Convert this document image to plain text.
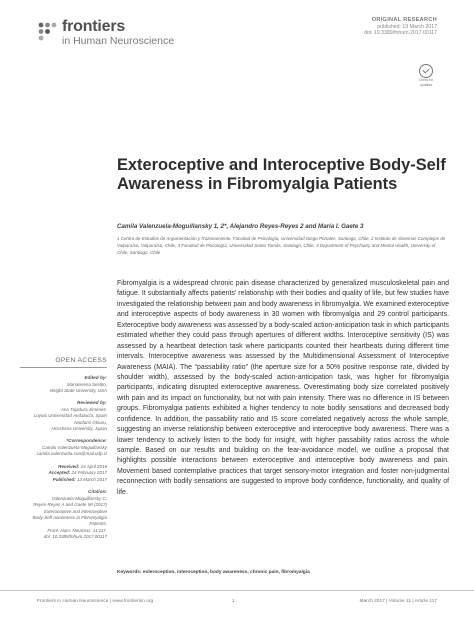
frontiers
in Human Neuroscience
ORIGINAL RESEARCH
published: 13 March 2017
doi: 10.3389/fnhum.2017.00117
Check for
updates
Exteroceptive and Interoceptive Body-Self Awareness in Fibromyalgia Patients
Camila Valenzuela-Moguillansky 1, 2*, Alejandro Reyes-Reyes 2 and María I. Gaete 3
1 Centro de Estudios de Argumentación y Razonamiento, Facultad de Psicología, Universidad Diego Portales, Santiago, Chile, 2 Instituto de Sistemas Complejos de Valparaíso, Valparaíso, Chile, 3 Facultad de Psicología, Universidad Santo Tomás, Santiago, Chile, 3 Department of Psychiatry and Mental Health, University of Chile, Santiago, Chile

Fibromyalgia is a widespread chronic pain disease characterized by generalized musculoskeletal pain and fatigue. It substantially affects patients’ relationship with their bodies and quality of life, but few studies have investigated the relationship between pain and body awareness in fibromyalgia. We examined exteroceptive and interoceptive aspects of body awareness in 30 women with fibromyalgia and 29 control participants. Exteroceptive body awareness was assessed by a body-scaled action-anticipation task in which participants estimated whether they could pass through apertures of different widths. Interoceptive sensitivity (IS) was assessed by a heartbeat detection task where participants counted their heartbeats during different time intervals. Interoceptive awareness was assessed by the Multidimensional Assessment of Interoceptive Awareness (MAIA). The “passability ratio” (the aperture size for a 50% positive response rate, divided by shoulder width), assessed by the body-scaled action-anticipation task, was higher for fibromyalgia participants, indicating disrupted exteroceptive awareness. Overestimating body size correlated positively with pain and its impact on functionality, but not with pain intensity. There was no difference in IS between groups. Fibromyalgia patients exhibited a higher tendency to note bodily sensations and decreased body confidence. In addition, the passability ratio and IS score correlated negatively across the whole sample, suggesting an inverse relationship between exteroceptive and interoceptive body awareness. There was a lower tendency to actively listen to the body for insight, with higher passability ratios across the whole sample. Based on our results and building on the fear-avoidance model, we outline a proposal that highlights possible interactions between exteroceptive and interoceptive body awareness and pain. Movement based contemplative practices that target sensory-motor integration and foster non-judgmental reconnection with bodily sensations are suggested to improve body confidence, functionality, and quality of life.

Keywords: exteroception, interoception, body awareness, chronic pain, fibromyalgia
OPEN ACCESS
Edited by:
Mariateresa Sestito,
Wright State University, USA
Reviewed by:
Ana Tajadura-Jiménez,
Loyola Universidad Andalucía, Spain
Naofumi Otsuru,
Hiroshima University, Japan
*Correspondence:
Camila Valenzuela-Moguillansky
camila.valenzuela.cea@mail.udp.cl
Received: 14 April 2016
Accepted: 24 February 2017
Published: 13 March 2017
Citation:
Valenzuela-Moguillansky C,
Reyes-Reyes A and Gaete MI (2017)
Exteroceptive and Interoceptive
Body-Self Awareness in Fibromyalgia
Patients.
Front. Hum. Neurosci. 11:117.
doi: 10.3389/fnhum.2017.00117
Frontiers in Human Neuroscience | www.frontiersin.org	1	March 2017 | Volume 11 | Article 117
